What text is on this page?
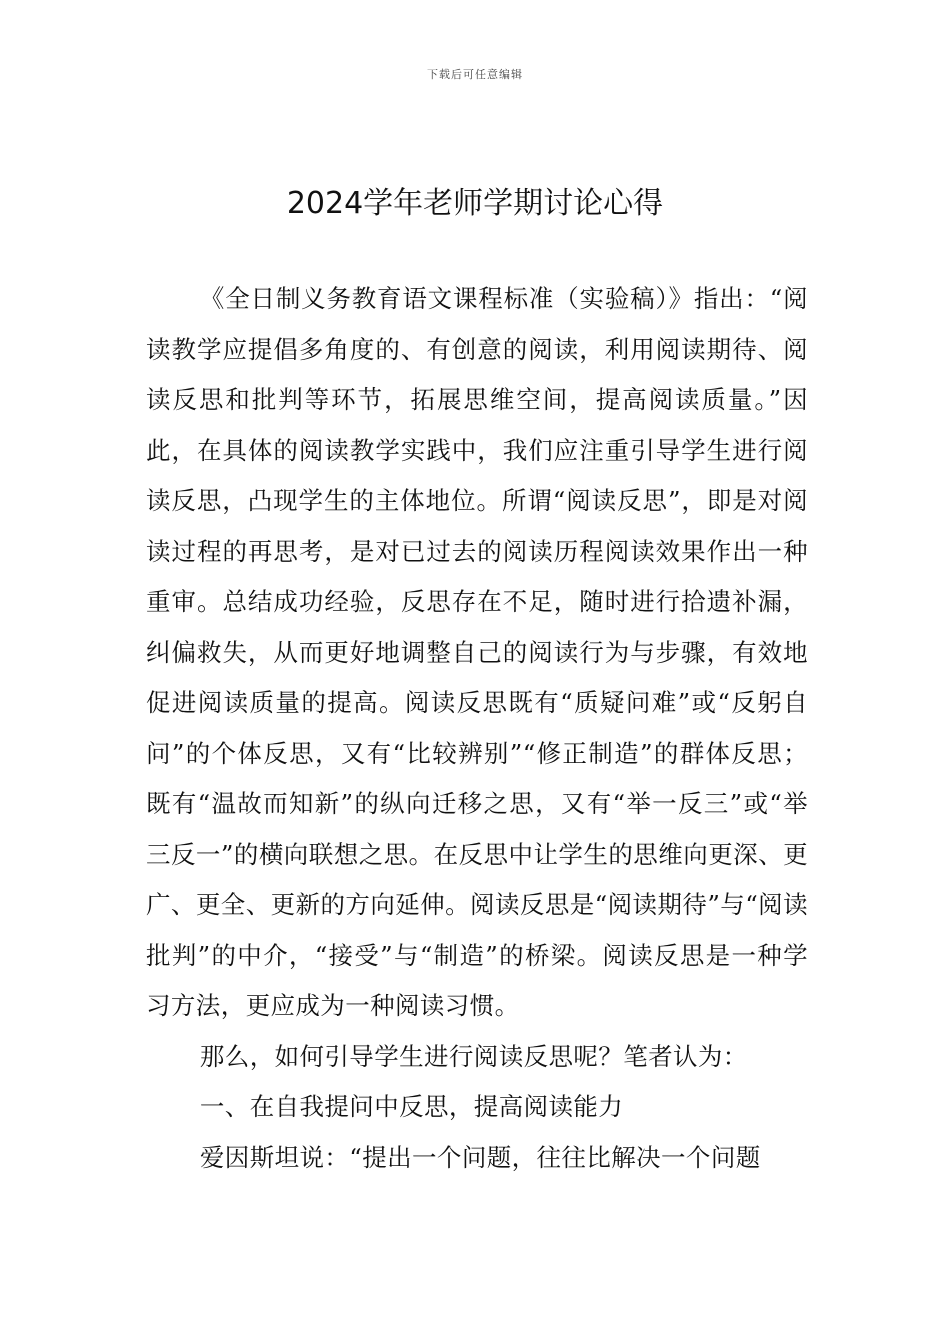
下载后可任意编辑
2024学年老师学期讨论心得

《全日制义务教育语文课程标准（实验稿）》指出：“阅读教学应提倡多角度的、有创意的阅读，利用阅读期待、阅读反思和批判等环节，拓展思维空间，提高阅读质量。”因此，在具体的阅读教学实践中，我们应注重引导学生进行阅读反思，凸现学生的主体地位。所谓“阅读反思”，即是对阅读过程的再思考，是对已过去的阅读历程阅读效果作出一种重审。总结成功经验，反思存在不足，随时进行拾遗补漏，纠偏救失，从而更好地调整自己的阅读行为与步骤，有效地促进阅读质量的提高。阅读反思既有“质疑问难”或“反躬自问”的个体反思，又有“比较辨别”“修正制造”的群体反思；既有“温故而知新”的纵向迁移之思，又有“举一反三”或“举三反一”的横向联想之思。在反思中让学生的思维向更深、更广、更全、更新的方向延伸。阅读反思是“阅读期待”与“阅读批判”的中介，“接受”与“制造”的桥梁。阅读反思是一种学习方法，更应成为一种阅读习惯。

那么，如何引导学生进行阅读反思呢？笔者认为：

一、在自我提问中反思，提高阅读能力

爱因斯坦说：“提出一个问题，往往比解决一个问题
